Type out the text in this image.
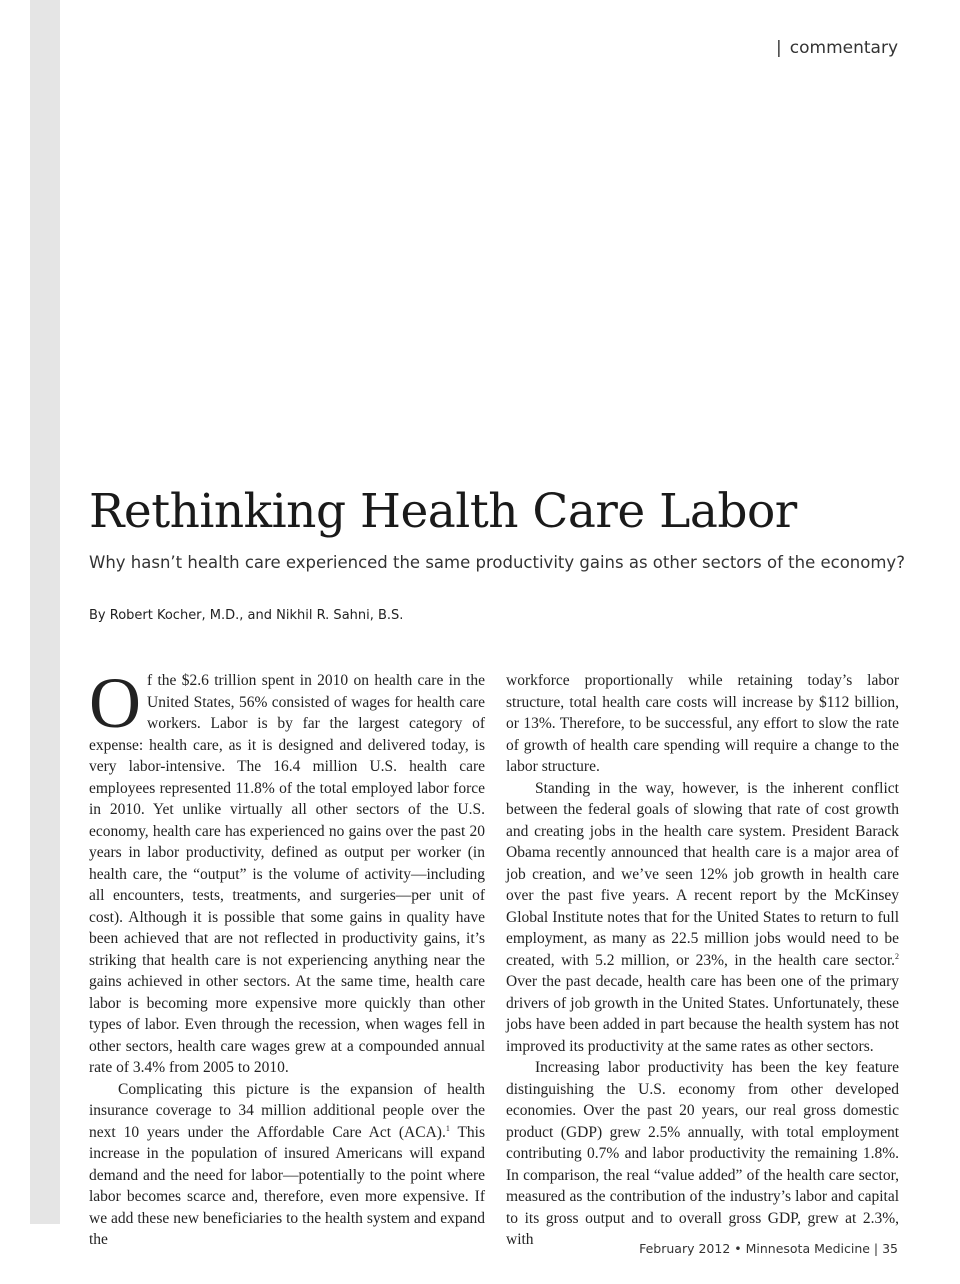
| commentary
Rethinking Health Care Labor

Why hasn’t health care experienced the same productivity gains as other sectors of the economy?

By Robert Kocher, M.D., and Nikhil R. Sahni, B.S.

Of the $2.6 trillion spent in 2010 on health care in the United States, 56% consisted of wages for health care workers. Labor is by far the largest category of expense: health care, as it is designed and delivered today, is very labor-intensive. The 16.4 million U.S. health care employees represented 11.8% of the total employed labor force in 2010. Yet unlike virtually all other sectors of the U.S. economy, health care has experienced no gains over the past 20 years in labor productivity, defined as output per worker (in health care, the “output” is the volume of activity—including all encounters, tests, treatments, and surgeries—per unit of cost). Although it is possible that some gains in quality have been achieved that are not reflected in productivity gains, it’s striking that health care is not experiencing anything near the gains achieved in other sectors. At the same time, health care labor is becoming more expensive more quickly than other types of labor. Even through the recession, when wages fell in other sectors, health care wages grew at a compounded annual rate of 3.4% from 2005 to 2010.

Complicating this picture is the expansion of health insurance coverage to 34 million additional people over the next 10 years under the Affordable Care Act (ACA).$^1$ This increase in the population of insured Americans will expand demand and the need for labor—potentially to the point where labor becomes scarce and, therefore, even more expensive. If we add these new beneficiaries to the health system and expand the

workforce proportionally while retaining today’s labor structure, total health care costs will increase by $112 billion, or 13%. Therefore, to be successful, any effort to slow the rate of growth of health care spending will require a change to the labor structure.

Standing in the way, however, is the inherent conflict between the federal goals of slowing that rate of cost growth and creating jobs in the health care system. President Barack Obama recently announced that health care is a major area of job creation, and we’ve seen 12% job growth in health care over the past five years. A recent report by the McKinsey Global Institute notes that for the United States to return to full employment, as many as 22.5 million jobs would need to be created, with 5.2 million, or 23%, in the health care sector.$^2$ Over the past decade, health care has been one of the primary drivers of job growth in the United States. Unfortunately, these jobs have been added in part because the health system has not improved its productivity at the same rates as other sectors.

Increasing labor productivity has been the key feature distinguishing the U.S. economy from other developed economies. Over the past 20 years, our real gross domestic product (GDP) grew 2.5% annually, with total employment contributing 0.7% and labor productivity the remaining 1.8%. In comparison, the real “value added” of the health care sector, measured as the contribution of the industry’s labor and capital to its gross output and to overall gross GDP, grew at 2.3%, with

February 2012 • Minnesota Medicine | 35
